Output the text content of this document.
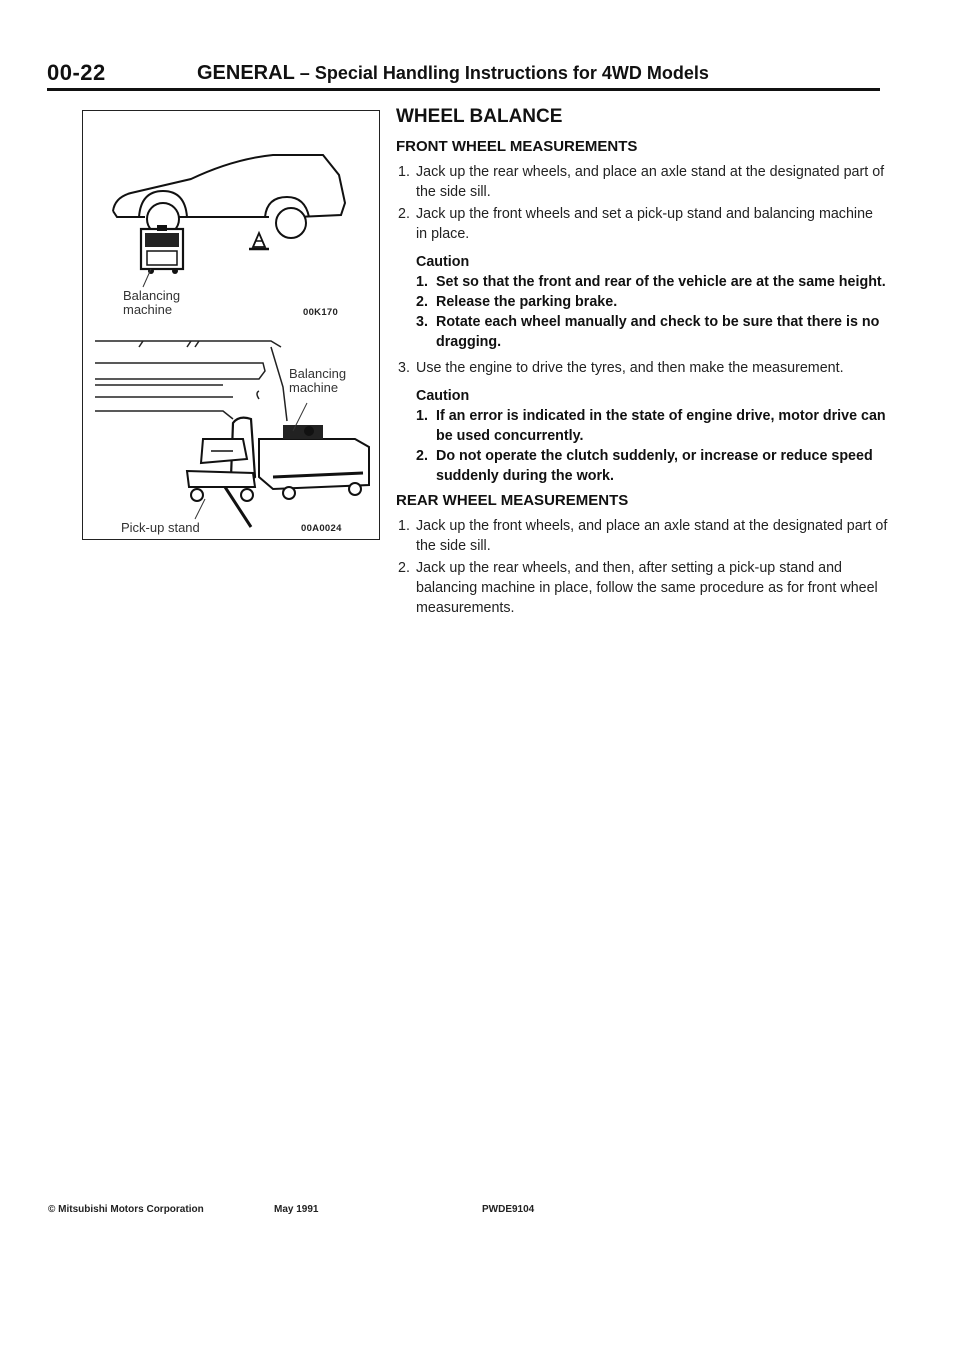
00-22	GENERAL – Special Handling Instructions for 4WD Models
Balancing
machine	00K170
Balancing
machine
Pick-up stand	00A0024
WHEEL BALANCE
FRONT WHEEL MEASUREMENTS
1. Jack up the rear wheels, and place an axle stand at the designated part of the side sill.
2. Jack up the front wheels and set a pick-up stand and balancing machine in place.
Caution
1. Set so that the front and rear of the vehicle are at the same height.
2. Release the parking brake.
3. Rotate each wheel manually and check to be sure that there is no dragging.
3. Use the engine to drive the tyres, and then make the measurement.
Caution
1. If an error is indicated in the state of engine drive, motor drive can be used concurrently.
2. Do not operate the clutch suddenly, or increase or reduce speed suddenly during the work.
REAR WHEEL MEASUREMENTS
1. Jack up the front wheels, and place an axle stand at the designated part of the side sill.
2. Jack up the rear wheels, and then, after setting a pick-up stand and balancing machine in place, follow the same procedure as for front wheel measurements.
© Mitsubishi Motors Corporation	May 1991	PWDE9104
